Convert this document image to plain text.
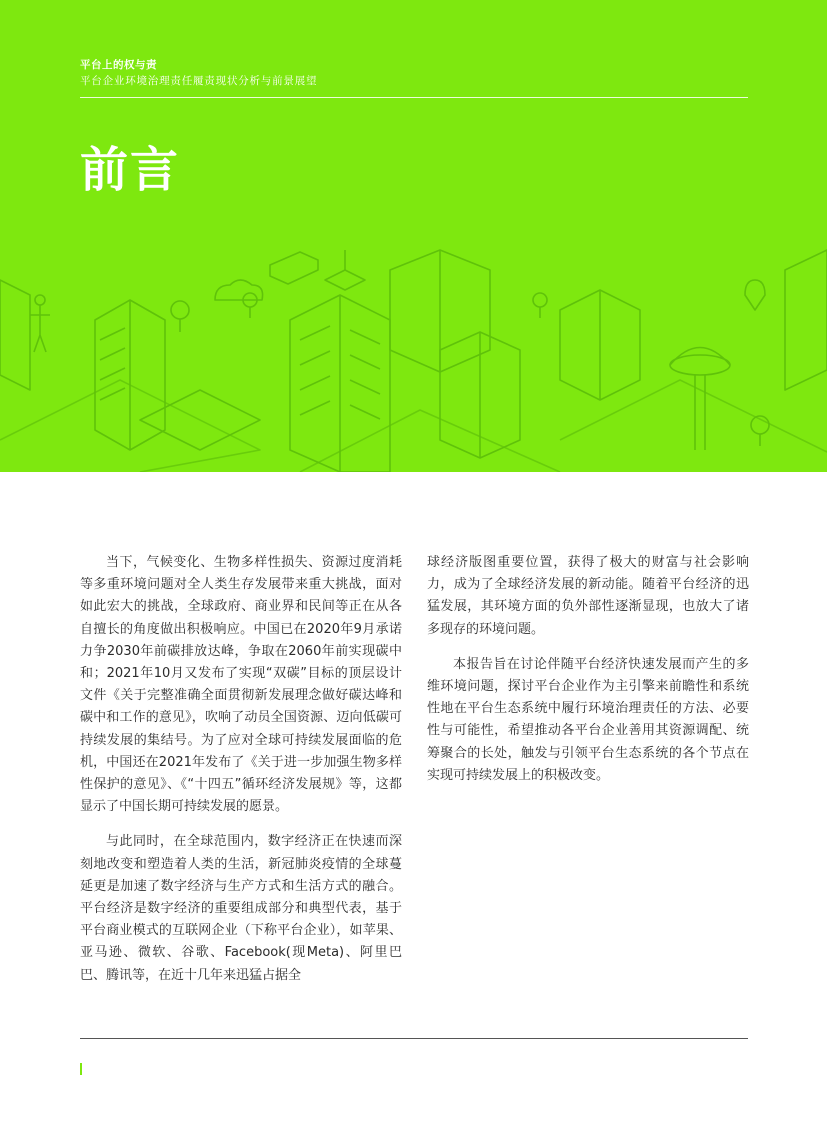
平台上的权与责
平台企业环境治理责任履责现状分析与前景展望
前言

当下，气候变化、生物多样性损失、资源过度消耗等多重环境问题对全人类生存发展带来重大挑战，面对如此宏大的挑战，全球政府、商业界和民间等正在从各自擅长的角度做出积极响应。中国已在2020年9月承诺力争2030年前碳排放达峰，争取在2060年前实现碳中和；2021年10月又发布了实现“双碳”目标的顶层设计文件《关于完整准确全面贯彻新发展理念做好碳达峰和碳中和工作的意见》，吹响了动员全国资源、迈向低碳可持续发展的集结号。为了应对全球可持续发展面临的危机，中国还在2021年发布了《关于进一步加强生物多样性保护的意见》、《“十四五”循环经济发展规》等，这都显示了中国长期可持续发展的愿景。

与此同时，在全球范围内，数字经济正在快速而深刻地改变和塑造着人类的生活，新冠肺炎疫情的全球蔓延更是加速了数字经济与生产方式和生活方式的融合。平台经济是数字经济的重要组成部分和典型代表，基于平台商业模式的互联网企业（下称平台企业），如苹果、亚马逊、微软、谷歌、Facebook(现Meta)、阿里巴巴、腾讯等，在近十几年来迅猛占据全

球经济版图重要位置，获得了极大的财富与社会影响力，成为了全球经济发展的新动能。随着平台经济的迅猛发展，其环境方面的负外部性逐渐显现，也放大了诸多现存的环境问题。

本报告旨在讨论伴随平台经济快速发展而产生的多维环境问题，探讨平台企业作为主引擎来前瞻性和系统性地在平台生态系统中履行环境治理责任的方法、必要性与可能性，希望推动各平台企业善用其资源调配、统筹聚合的长处，触发与引领平台生态系统的各个节点在实现可持续发展上的积极改变。
